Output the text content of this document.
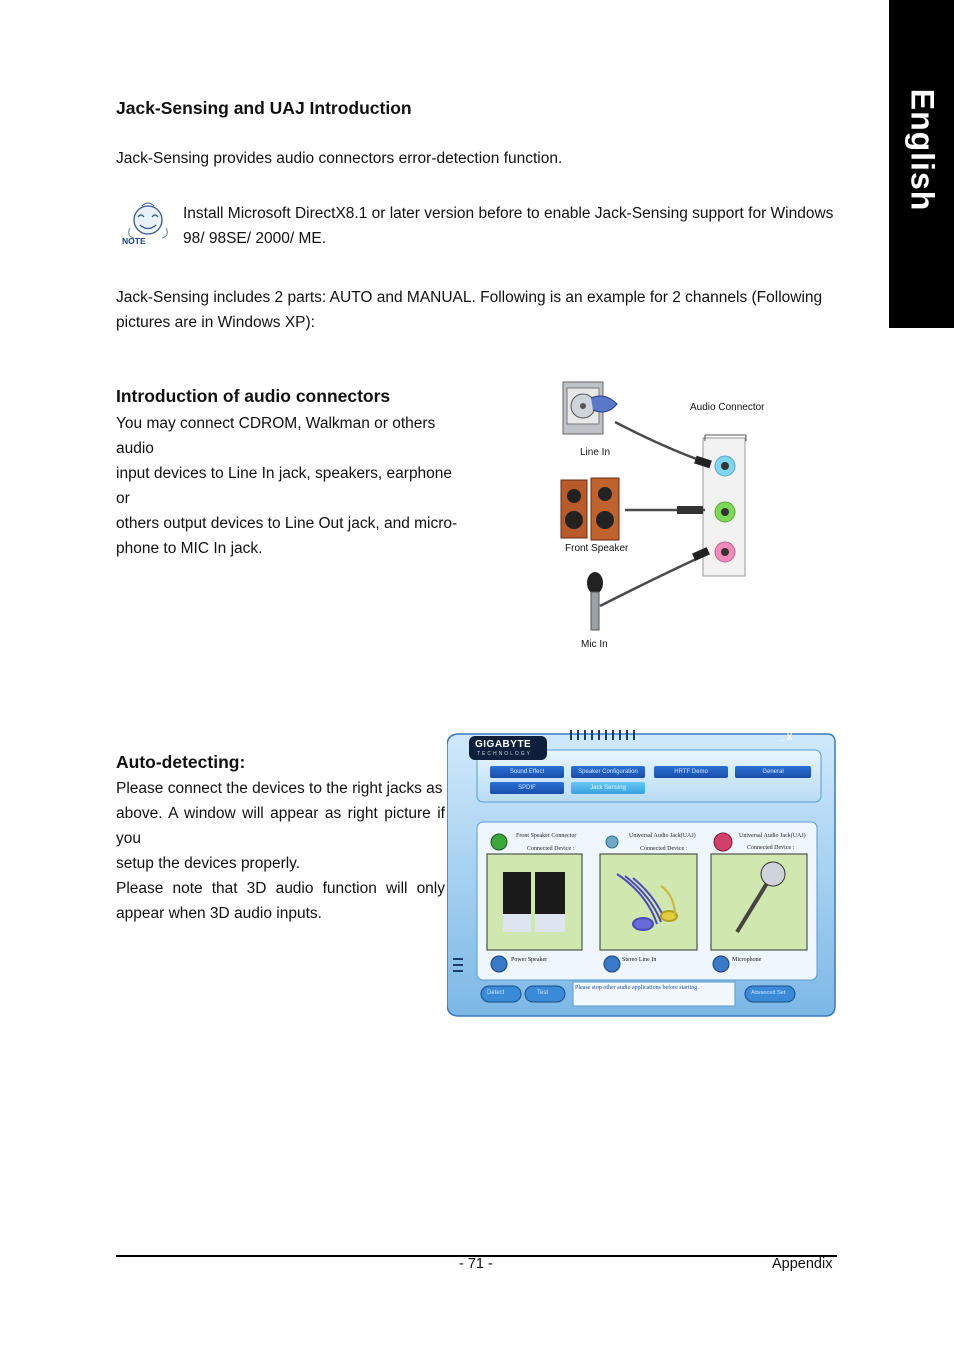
English
Jack-Sensing and UAJ Introduction

Jack-Sensing provides audio connectors error-detection function.

NOTE

Install Microsoft DirectX8.1 or later version before to enable Jack-Sensing support for Windows

98/ 98SE/ 2000/ ME.

Jack-Sensing includes 2 parts: AUTO and MANUAL. Following is an example for 2 channels (Following

pictures are in Windows XP):

Introduction of audio connectors

You may connect CDROM, Walkman or others audio

input devices to Line In jack, speakers, earphone or

others output devices to Line Out jack, and micro-

phone to MIC In jack.

Audio Connector
Line In
Front Speaker
Mic In
Auto-detecting:

Please connect the devices to the right jacks as

above. A window will appear as right picture if you

setup the devices properly.

Please note that 3D audio function will only

appear when 3D audio inputs.

GIGABYTE
TECHNOLOGY
_ X
Sound Effect	Speaker Configuration	HRTF Demo	General
SPDIF	Jack Sensing
Front Speaker Connector
Connected Device :
Universal Audio Jack(UAJ)
Connected Device :
Universal Audio Jack(UAJ)
Connected Device :
Power Speaker	Stereo Line In	Microphone
Detect	Test
Please stop other audio applications before starting.
Advanced Set
- 71 -	Appendix
